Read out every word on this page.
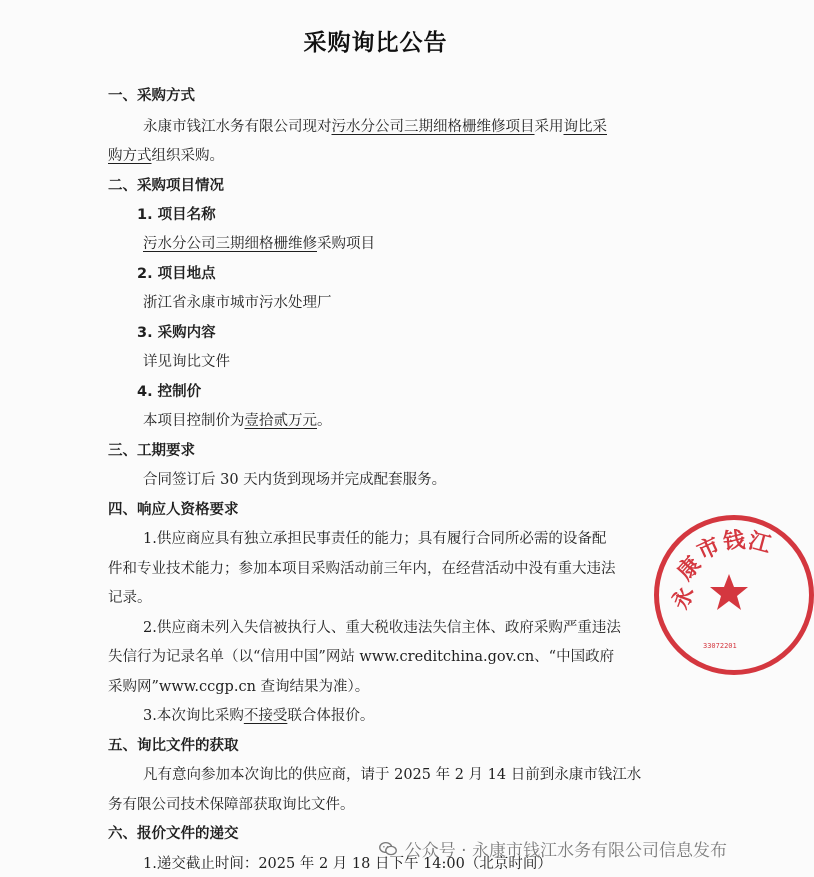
采购询比公告
一、采购方式
永康市钱江水务有限公司现对污水分公司三期细格栅维修项目采用询比采
购方式组织采购。
二、采购项目情况
1. 项目名称
污水分公司三期细格栅维修采购项目
2. 项目地点
浙江省永康市城市污水处理厂
3. 采购内容
详见询比文件
4. 控制价
本项目控制价为壹拾贰万元。
三、工期要求
合同签订后 30 天内货到现场并完成配套服务。
四、响应人资格要求
1.供应商应具有独立承担民事责任的能力；具有履行合同所必需的设备配
件和专业技术能力；参加本项目采购活动前三年内，在经营活动中没有重大违法
记录。
2.供应商未列入失信被执行人、重大税收违法失信主体、政府采购严重违法
失信行为记录名单（以“信用中国”网站 www.creditchina.gov.cn、“中国政府
采购网”www.ccgp.cn 查询结果为准）。
3.本次询比采购不接受联合体报价。
五、询比文件的获取
凡有意向参加本次询比的供应商，请于 2025 年 2 月 14 日前到永康市钱江水
务有限公司技术保障部获取询比文件。
六、报价文件的递交
1.递交截止时间：2025 年 2 月 18 日下午 14:00（北京时间）
永
康
市
钱 江
33072201
公众号 · 永康市钱江水务有限公司信息发布
